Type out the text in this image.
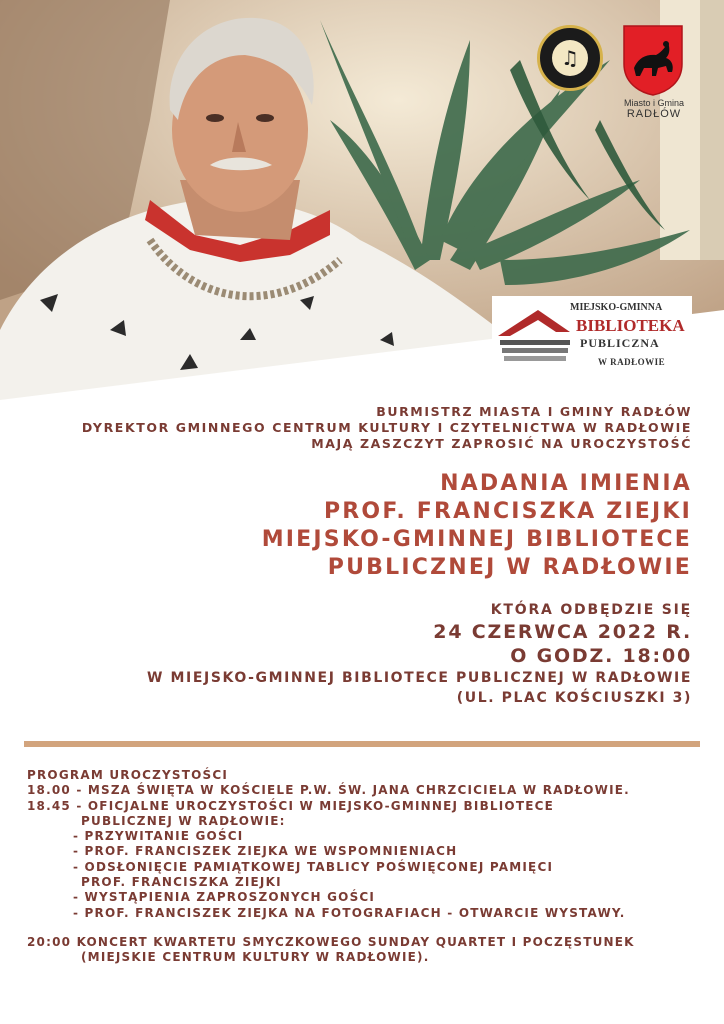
♫
Miasto i Gmina
RADŁÓW
MIEJSKO-GMINNA
BIBLIOTEKA
PUBLICZNA
W RADŁOWIE
BURMISTRZ MIASTA I GMINY RADŁÓW
DYREKTOR GMINNEGO CENTRUM KULTURY I CZYTELNICTWA W RADŁOWIE
MAJĄ ZASZCZYT ZAPROSIĆ NA UROCZYSTOŚĆ
NADANIA IMIENIA
PROF. FRANCISZKA ZIEJKI
MIEJSKO-GMINNEJ BIBLIOTECE
PUBLICZNEJ W RADŁOWIE
KTÓRA ODBĘDZIE SIĘ
24 CZERWCA 2022 R.
O GODZ. 18:00
W MIEJSKO-GMINNEJ BIBLIOTECE PUBLICZNEJ W RADŁOWIE
(UL. PLAC KOŚCIUSZKI 3)
PROGRAM UROCZYSTOŚCI
18.00 - MSZA ŚWIĘTA W KOŚCIELE P.W. ŚW. JANA CHRZCICIELA W RADŁOWIE.
18.45 - OFICJALNE UROCZYSTOŚCI W MIEJSKO-GMINNEJ BIBLIOTECE
PUBLICZNEJ W RADŁOWIE:
- PRZYWITANIE GOŚCI
- PROF. FRANCISZEK ZIEJKA WE WSPOMNIENIACH
- ODSŁONIĘCIE PAMIĄTKOWEJ TABLICY POŚWIĘCONEJ PAMIĘCI
PROF. FRANCISZKA ZIEJKI
- WYSTĄPIENIA ZAPROSZONYCH GOŚCI
- PROF. FRANCISZEK ZIEJKA NA FOTOGRAFIACH - OTWARCIE WYSTAWY.
20:00 KONCERT KWARTETU SMYCZKOWEGO SUNDAY QUARTET I POCZĘSTUNEK
(MIEJSKIE CENTRUM KULTURY W RADŁOWIE).
